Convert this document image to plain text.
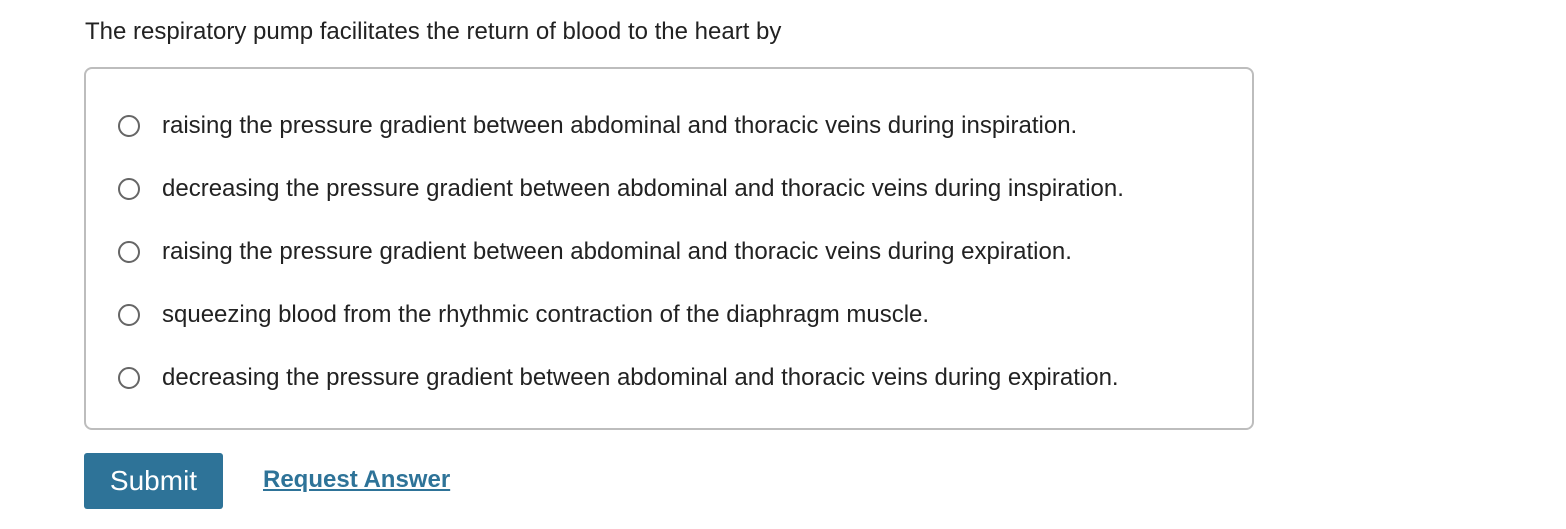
The respiratory pump facilitates the return of blood to the heart by
raising the pressure gradient between abdominal and thoracic veins during inspiration.
decreasing the pressure gradient between abdominal and thoracic veins during inspiration.
raising the pressure gradient between abdominal and thoracic veins during expiration.
squeezing blood from the rhythmic contraction of the diaphragm muscle.
decreasing the pressure gradient between abdominal and thoracic veins during expiration.
Submit	Request Answer
